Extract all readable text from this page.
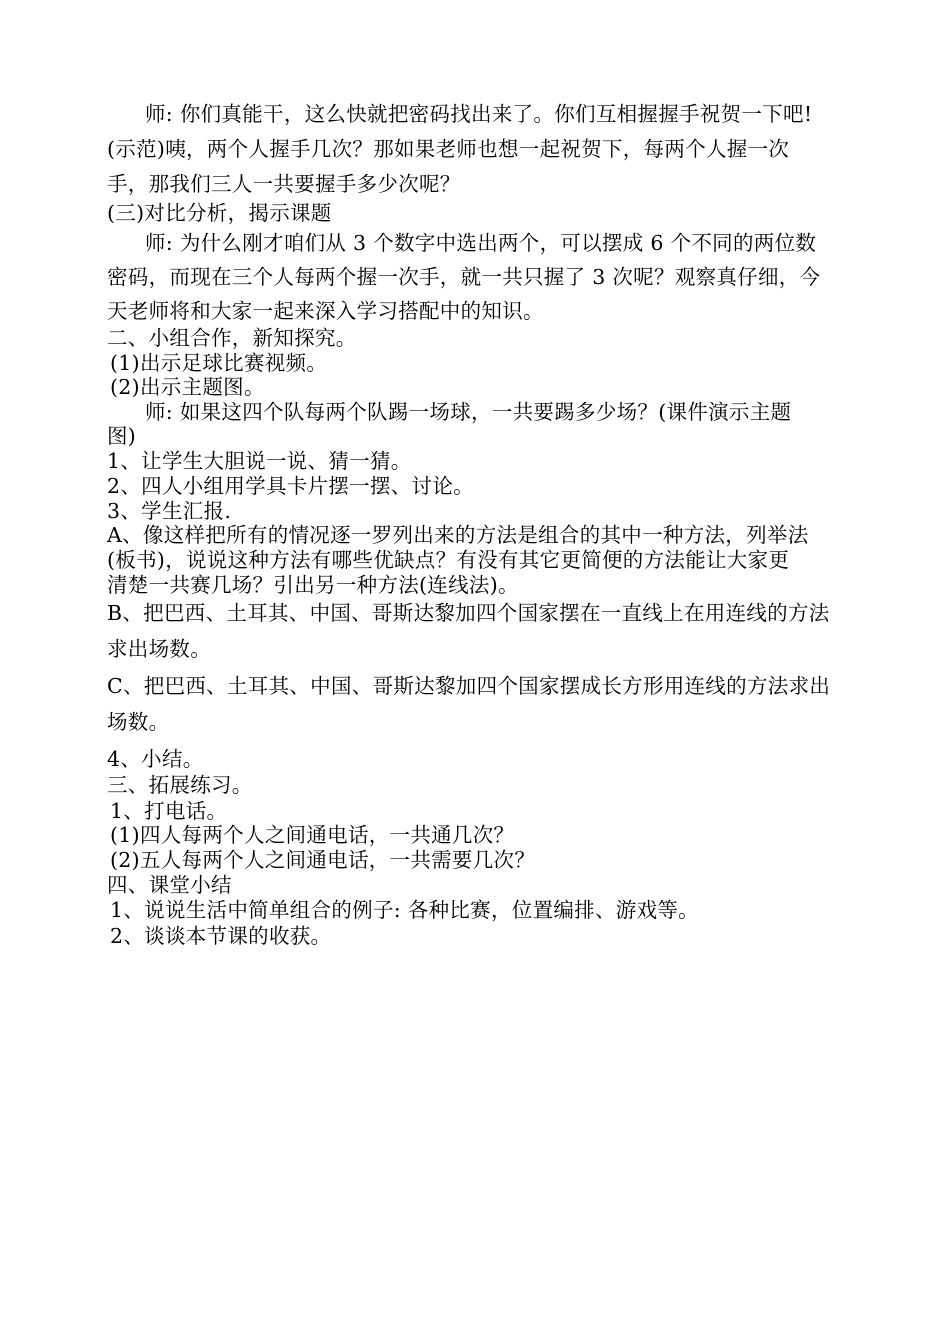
师: 你们真能干，这么快就把密码找出来了。你们互相握握手祝贺一下吧!
(示范)咦，两个人握手几次？那如果老师也想一起祝贺下，每两个人握一次
手，那我们三人一共要握手多少次呢？
(三)对比分析，揭示课题
师: 为什么刚才咱们从 3 个数字中选出两个，可以摆成 6 个不同的两位数
密码，而现在三个人每两个握一次手，就一共只握了 3 次呢？观察真仔细，今
天老师将和大家一起来深入学习搭配中的知识。
二、小组合作，新知探究。
(1)出示足球比赛视频。
(2)出示主题图。
师: 如果这四个队每两个队踢一场球，一共要踢多少场？(课件演示主题
图)
1、让学生大胆说一说、猜一猜。
2、四人小组用学具卡片摆一摆、讨论。
3、学生汇报.
A、像这样把所有的情况逐一罗列出来的方法是组合的其中一种方法，列举法
(板书)，说说这种方法有哪些优缺点？有没有其它更简便的方法能让大家更
清楚一共赛几场？引出另一种方法(连线法)。
B、把巴西、土耳其、中国、哥斯达黎加四个国家摆在一直线上在用连线的方法
求出场数。
C、把巴西、土耳其、中国、哥斯达黎加四个国家摆成长方形用连线的方法求出
场数。
4、小结。
三、拓展练习。
1、打电话。
(1)四人每两个人之间通电话，一共通几次？
(2)五人每两个人之间通电话，一共需要几次？
四、课堂小结
1、说说生活中简单组合的例子: 各种比赛，位置编排、游戏等。
2、谈谈本节课的收获。
